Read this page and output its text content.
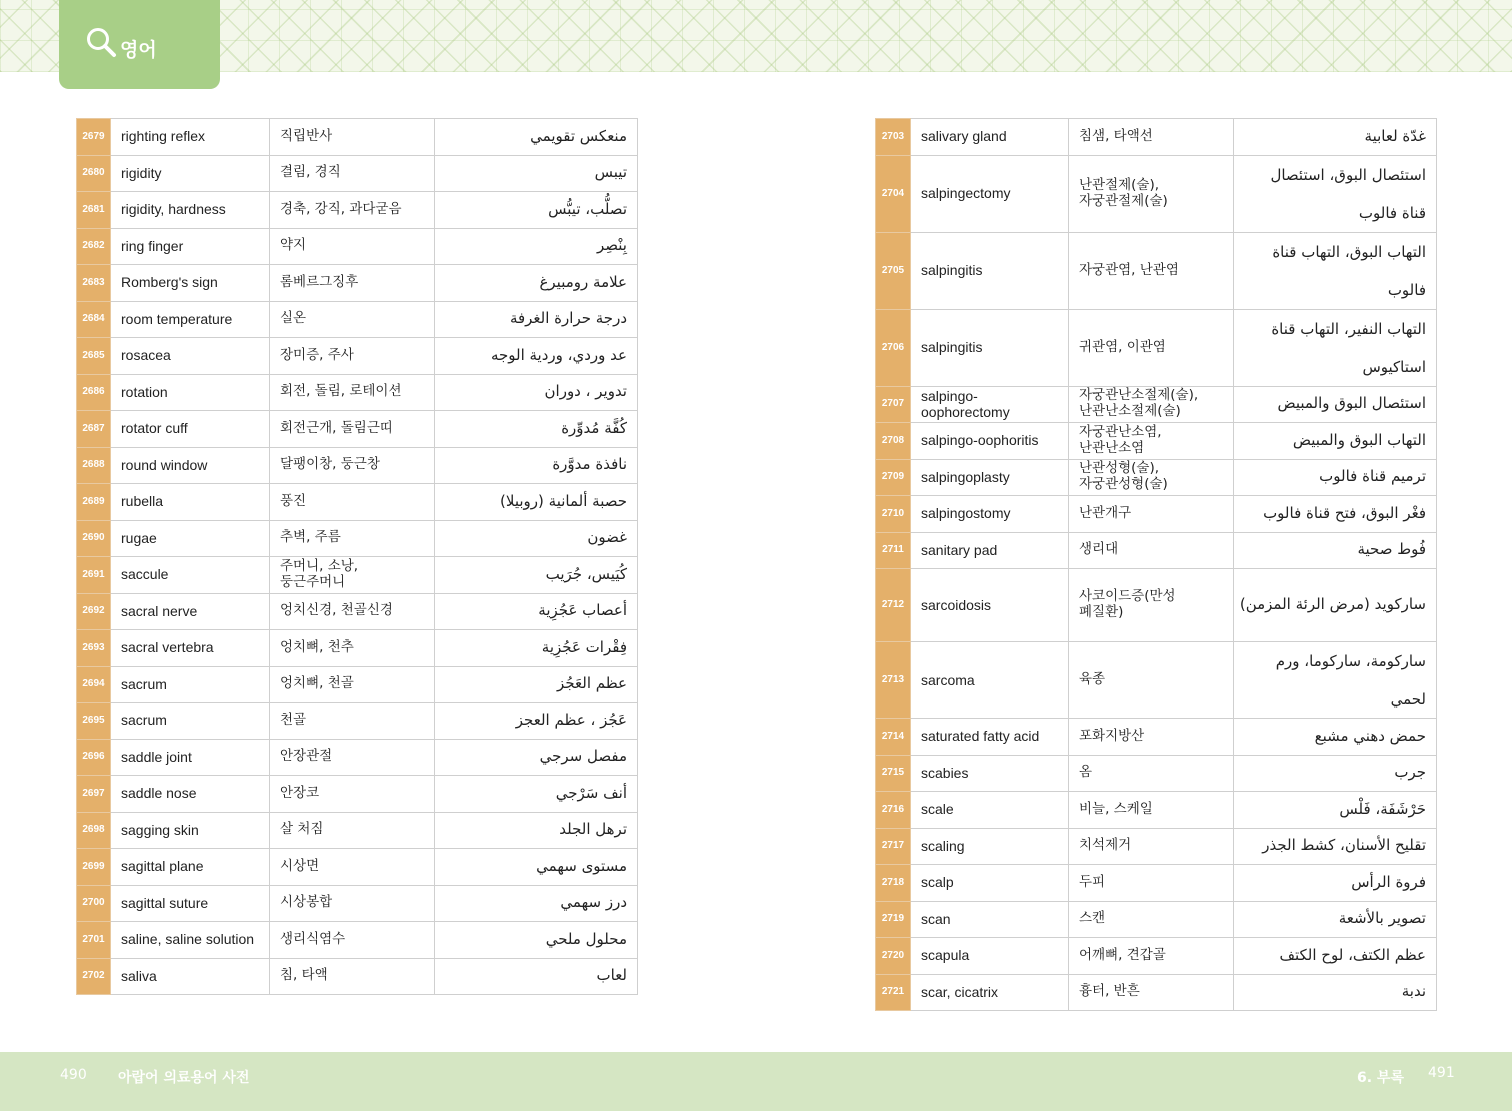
영어
2679	righting reflex	직립반사	منعكس تقويمي
2680	rigidity	결림, 경직	تيبس
2681	rigidity, hardness	경축, 강직, 과다굳음	تصلُّب، تيبُّس
2682	ring finger	약지	بِنْصِر
2683	Romberg's sign	롬베르그징후	علامة رومبيرغ
2684	room temperature	실온	درجة حرارة الغرفة
2685	rosacea	장미증, 주사	عد وردي، وردية الوجه
2686	rotation	회전, 돌림, 로테이션	تدوير ، دوران
2687	rotator cuff	회전근개, 돌림근띠	كُفَّة مُدوِّرة
2688	round window	달팽이창, 둥근창	نافذة مدوَّرة
2689	rubella	풍진	حصبة ألمانية (روبيلا)
2690	rugae	추벽, 주름	غضون
2691	saccule	주머니, 소낭,
둥근주머니	كُيَيس، جُرَيب
2692	sacral nerve	엉치신경, 천골신경	أعصاب عَجُزِية
2693	sacral vertebra	엉치뼈, 천추	فِقْرات عَجُزِية
2694	sacrum	엉치뼈, 천골	عظم العَجُز
2695	sacrum	천골	عَجُز ، عظم العجز
2696	saddle joint	안장관절	مفصل سرجي
2697	saddle nose	안장코	أنف سَرْجي
2698	sagging skin	살 처짐	ترهل الجلد
2699	sagittal plane	시상면	مستوى سهمي
2700	sagittal suture	시상봉합	درز سهمي
2701	saline, saline solution	생리식염수	محلول ملحي
2702	saliva	침, 타액	لعاب
2703	salivary gland	침샘, 타액선	غدّة لعابية
2704	salpingectomy	난관절제(술),
자궁관절제(술)	استئصال البوق، استئصال
قناة فالوب
2705	salpingitis	자궁관염, 난관염	التهاب البوق، التهاب قناة
فالوب
2706	salpingitis	귀관염, 이관염	التهاب النفير، التهاب قناة
استاكيوس
2707	salpingo-
oophorectomy	자궁관난소절제(술),
난관난소절제(술)	استئصال البوق والمبيض
2708	salpingo-oophoritis	자궁관난소염,
난관난소염	التهاب البوق والمبيض
2709	salpingoplasty	난관성형(술),
자궁관성형(술)	ترميم قناة فالوب
2710	salpingostomy	난관개구	فغْر البوق، فتح قناة فالوب
2711	sanitary pad	생리대	فُوط صحية
2712	sarcoidosis	사코이드증(만성
폐질환)	ساركويد (مرض الرئة المزمن)
2713	sarcoma	육종	ساركومة، ساركوما، ورم
لحمي
2714	saturated fatty acid	포화지방산	حمض دهني مشبع
2715	scabies	옴	جرب
2716	scale	비늘, 스케일	حَرْشَفَة، فَلْس
2717	scaling	치석제거	تقليح الأسنان، كشط الجذر
2718	scalp	두피	فروة الرأس
2719	scan	스캔	تصوير بالأشعة
2720	scapula	어깨뼈, 견갑골	عظم الكتف، لوح الكتف
2721	scar, cicatrix	흉터, 반흔	ندبة
490 아랍어 의료용어 사전	6. 부록 491
